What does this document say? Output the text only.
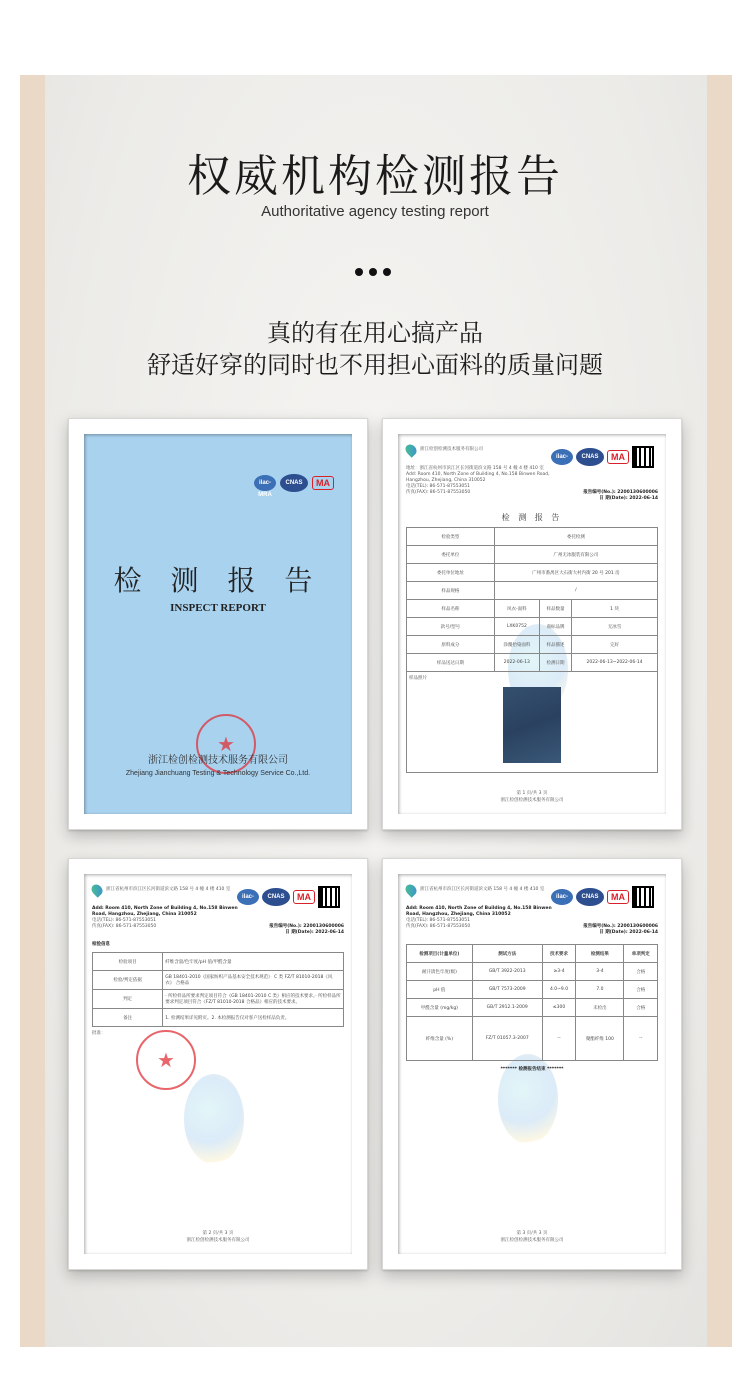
权威机构检测报告
Authoritative agency testing report
真的有在用心搞产品
舒适好穿的同时也不用担心面料的质量问题
ilac-MRA
CNAS	MA
检 测 报 告
INSPECT REPORT
★
浙江检创检测技术服务有限公司
Zhejiang Jianchuang Testing & Technology Service Co.,Ltd.
浙江检创检测技术服务有限公司
ilac-MRA
CNAS	MA
地址：浙江省杭州市滨江区长河街道滨文路 158 号 4 幢 4 楼 410 室
Add: Room 410, North Zone of Building 4, No.158 Binwen Road, Hangzhou, Zhejiang, China 310052
电话(TEL): 86-571-87553051
传真(FAX): 86-571-87553050	报告编号(No.): 2200130600006
日 期(Date): 2022-06-14
检 测 报 告
检验类型	委托检测		
委托单位	广州无冰服装有限公司		
委托单位地址	广州市番禺区大石街大村内街 20 号 201 房		
样品规格	/		
样品名称	风衣-面料	样品数量	1 块
款号/型号	LXK0752	商标品牌	无冰雪
原料成分	涂覆抬染面料	样品描述	完好
样品送达日期	2022-06-13	检测日期	2022-06-13~2022-06-14

样品照片			
第 1 页/共 3 页
浙江检创检测技术服务有限公司
浙江省杭州市滨江区长河街道滨文路 158 号 4 幢 4 楼 410 室
ilac-MRA
CNAS	MA
Add: Room 410, North Zone of Building 4, No.158 Binwen Road, Hangzhou, Zhejiang, China 310052
电话(TEL): 86-571-87553051
传真(FAX): 86-571-87553050	报告编号(No.): 2200130600006
日 期(Date): 2022-06-14
检验信息
检验项目	纤维含量/色牢度/pH 值/甲醛含量
检验/判定依据	GB 18401-2010《国家纺织产品基本安全技术规范》 C 类 FZ/T 81010-2018《风衣》 合格品
判定	· 所检样品所要求判定项目符合《GB 18401-2010 C 类》相应的技术要求。· 所检样品所要求判定项目符合《FZ/T 81010-2018 合格品》相应的技术要求。
备注	1. 检测结果详见附页。2. 本检测报告仅对客户送检样品负责。
批准：
★
第 2 页/共 3 页
浙江检创检测技术服务有限公司
浙江省杭州市滨江区长河街道滨文路 158 号 4 幢 4 楼 410 室
ilac-MRA
CNAS	MA
Add: Room 410, North Zone of Building 4, No.158 Binwen Road, Hangzhou, Zhejiang, China 310052
电话(TEL): 86-571-87553051
传真(FAX): 86-571-87553050	报告编号(No.): 2200130600006
日 期(Date): 2022-06-14
检测项目(计量单位)	测试方法	技术要求	检测结果	单项判定
耐汗渍色牢度(级)	GB/T 3922-2013	≥3-4	3-4	合格
pH 值	GB/T 7573-2009	4.0~9.0	7.0	合格
甲醛含量 (mg/kg)	GB/T 2912.1-2009	≤300	未检出	合格
纤维含量 (%)	FZ/T 01057.3-2007	--	聚酯纤维 100	--
******* 检测报告结束 *******
第 3 页/共 3 页
浙江检创检测技术服务有限公司
